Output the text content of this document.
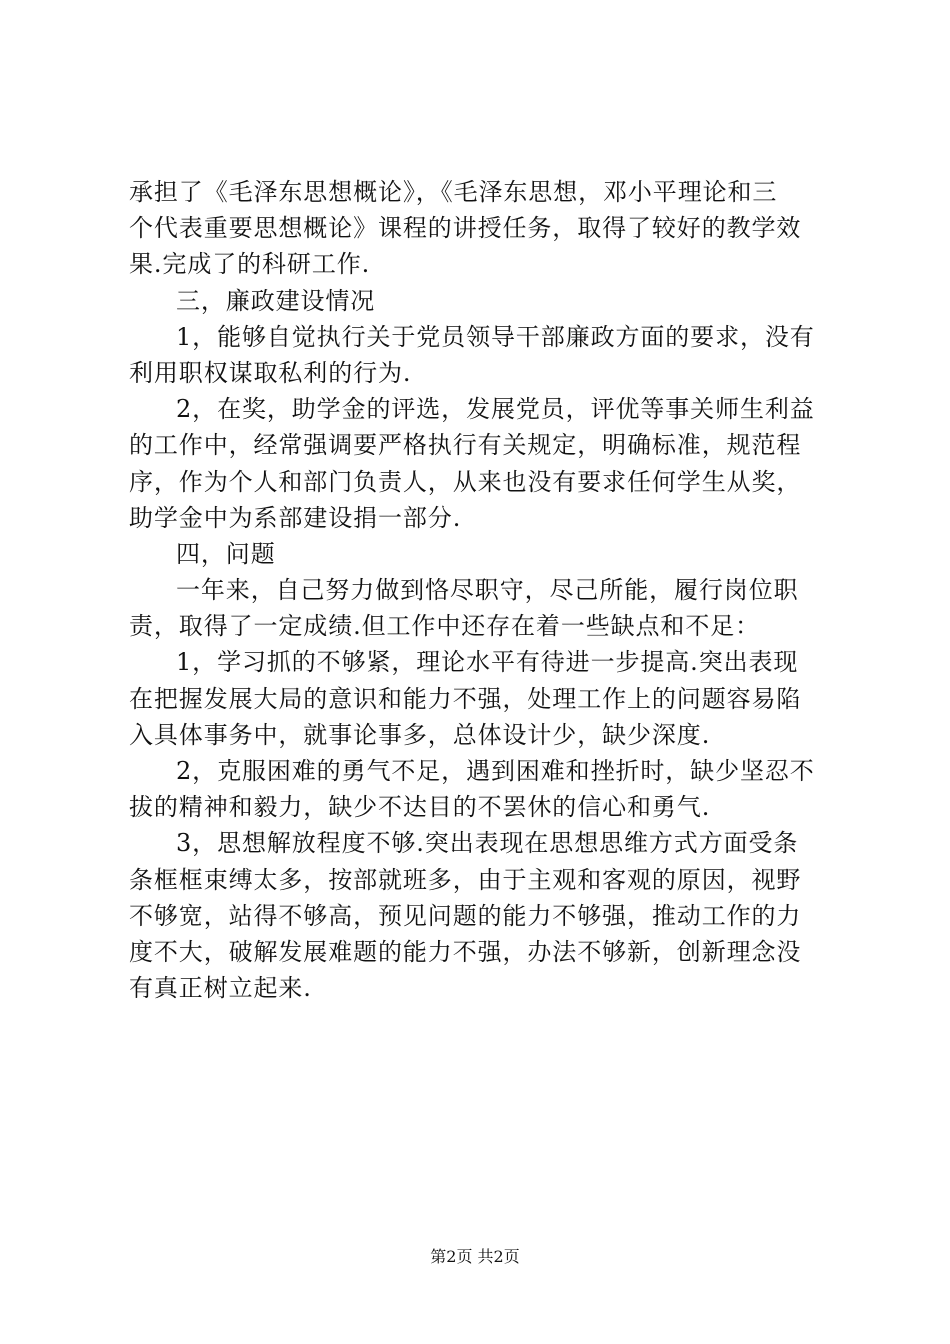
承担了《毛泽东思想概论》，《毛泽东思想，邓小平理论和三
个代表重要思想概论》课程的讲授任务，取得了较好的教学效
果.完成了的科研工作.
三，廉政建设情况
1，能够自觉执行关于党员领导干部廉政方面的要求，没有
利用职权谋取私利的行为.
2，在奖，助学金的评选，发展党员，评优等事关师生利益
的工作中，经常强调要严格执行有关规定，明确标准，规范程
序，作为个人和部门负责人，从来也没有要求任何学生从奖，
助学金中为系部建设捐一部分.
四，问题
一年来，自己努力做到恪尽职守，尽己所能，履行岗位职
责，取得了一定成绩.但工作中还存在着一些缺点和不足：
1，学习抓的不够紧，理论水平有待进一步提高.突出表现
在把握发展大局的意识和能力不强，处理工作上的问题容易陷
入具体事务中，就事论事多，总体设计少，缺少深度.
2，克服困难的勇气不足，遇到困难和挫折时，缺少坚忍不
拔的精神和毅力，缺少不达目的不罢休的信心和勇气.
3，思想解放程度不够.突出表现在思想思维方式方面受条
条框框束缚太多，按部就班多，由于主观和客观的原因，视野
不够宽，站得不够高，预见问题的能力不够强，推动工作的力
度不大，破解发展难题的能力不强，办法不够新，创新理念没
有真正树立起来.
第2页 共2页
